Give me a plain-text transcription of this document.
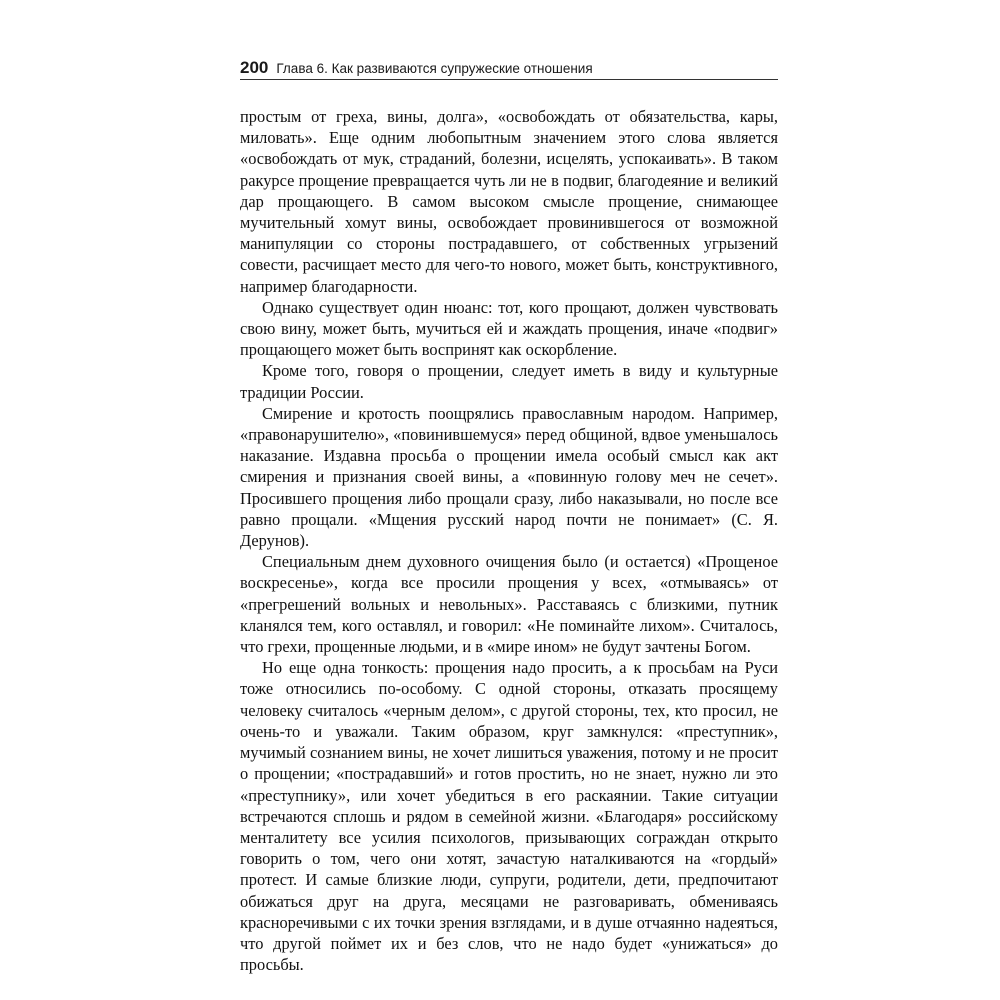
200 Глава 6. Как развиваются супружеские отношения

простым от греха, вины, долга», «освобождать от обязательства, кары, миловать». Еще одним любопытным значением этого слова является «освобождать от мук, страданий, болезни, исцелять, успокаивать». В таком ракурсе прощение превращается чуть ли не в подвиг, благодеяние и великий дар прощающего. В самом высоком смысле прощение, снимающее мучительный хомут вины, освобождает провинившегося от возможной манипуляции со стороны пострадавшего, от собственных угрызений совести, расчищает место для чего-то нового, может быть, конструктивного, например благодарности.

Однако существует один нюанс: тот, кого прощают, должен чувствовать свою вину, может быть, мучиться ей и жаждать прощения, иначе «подвиг» прощающего может быть воспринят как оскорбление.

Кроме того, говоря о прощении, следует иметь в виду и культурные традиции России.

Смирение и кротость поощрялись православным народом. Например, «правонарушителю», «повинившемуся» перед общиной, вдвое уменьшалось наказание. Издавна просьба о прощении имела особый смысл как акт смирения и признания своей вины, а «повинную голову меч не сечет». Просившего прощения либо прощали сразу, либо наказывали, но после все равно прощали. «Мщения русский народ почти не понимает» (С. Я. Дерунов).

Специальным днем духовного очищения было (и остается) «Прощеное воскресенье», когда все просили прощения у всех, «отмываясь» от «прегрешений вольных и невольных». Расставаясь с близкими, путник кланялся тем, кого оставлял, и говорил: «Не поминайте лихом». Считалось, что грехи, прощенные людьми, и в «мире ином» не будут зачтены Богом.

Но еще одна тонкость: прощения надо просить, а к просьбам на Руси тоже относились по-особому. С одной стороны, отказать просящему человеку считалось «черным делом», с другой стороны, тех, кто просил, не очень-то и уважали. Таким образом, круг замкнулся: «преступник», мучимый сознанием вины, не хочет лишиться уважения, потому и не просит о прощении; «пострадавший» и готов простить, но не знает, нужно ли это «преступнику», или хочет убедиться в его раскаянии. Такие ситуации встречаются сплошь и рядом в семейной жизни. «Благодаря» российскому менталитету все усилия психологов, призывающих сограждан открыто говорить о том, чего они хотят, зачастую наталкиваются на «гордый» протест. И самые близкие люди, супруги, родители, дети, предпочитают обижаться друг на друга, месяцами не разговаривать, обмениваясь красноречивыми с их точки зрения взглядами, и в душе отчаянно надеяться, что другой поймет их и без слов, что не надо будет «унижаться» до просьбы.
